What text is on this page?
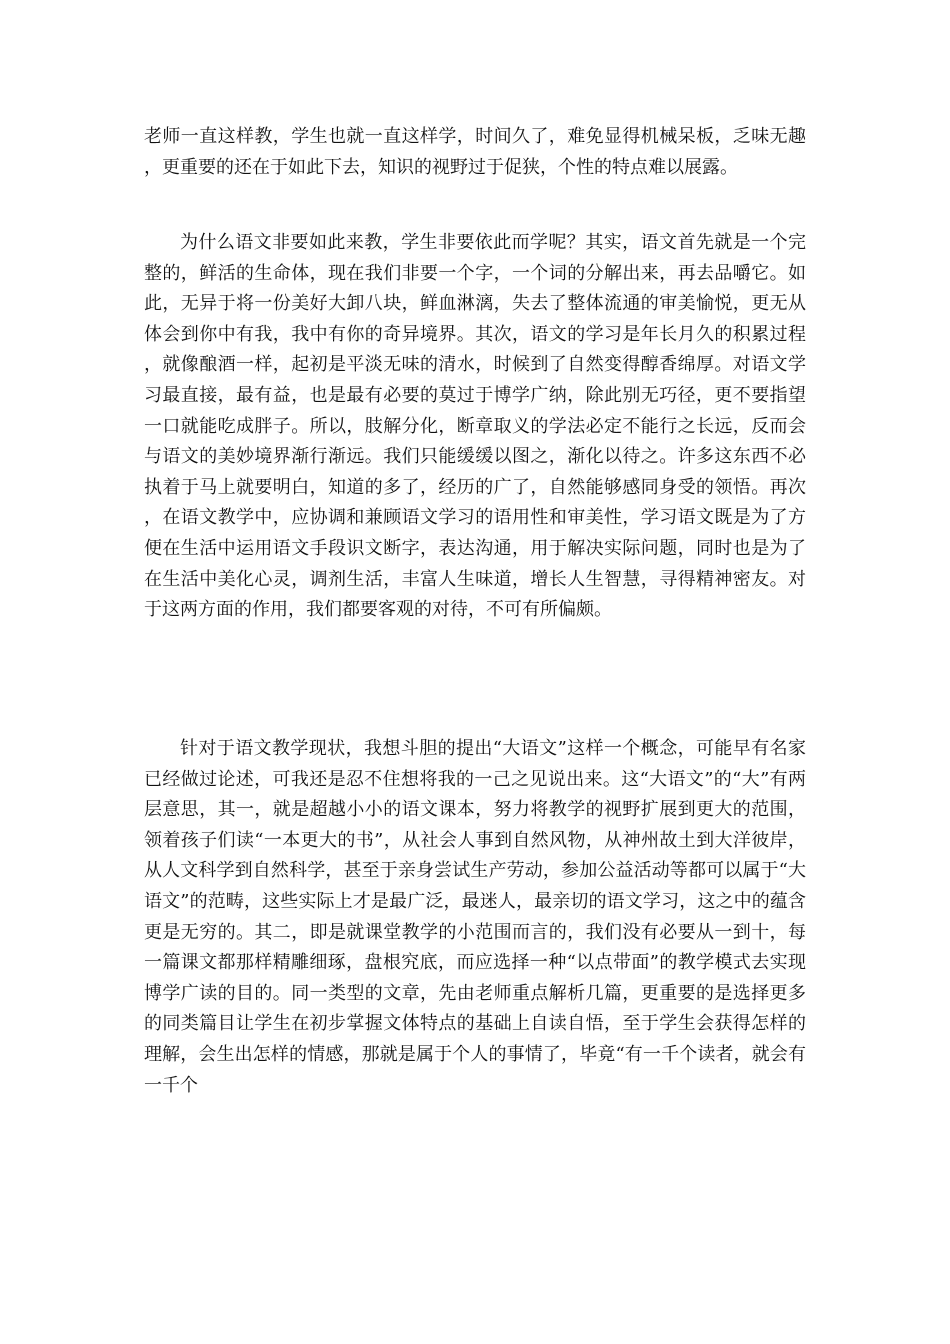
老师一直这样教，学生也就一直这样学，时间久了，难免显得机械呆板，乏味无趣，更重要的还在于如此下去，知识的视野过于促狭，个性的特点难以展露。

为什么语文非要如此来教，学生非要依此而学呢？其实，语文首先就是一个完整的，鲜活的生命体，现在我们非要一个字，一个词的分解出来，再去品嚼它。如此，无异于将一份美好大卸八块，鲜血淋漓，失去了整体流通的审美愉悦，更无从体会到你中有我，我中有你的奇异境界。其次，语文的学习是年长月久的积累过程，就像酿酒一样，起初是平淡无味的清水，时候到了自然变得醇香绵厚。对语文学习最直接，最有益，也是最有必要的莫过于博学广纳，除此别无巧径，更不要指望一口就能吃成胖子。所以，肢解分化，断章取义的学法必定不能行之长远，反而会与语文的美妙境界渐行渐远。我们只能缓缓以图之，渐化以待之。许多这东西不必执着于马上就要明白，知道的多了，经历的广了，自然能够感同身受的领悟。再次，在语文教学中，应协调和兼顾语文学习的语用性和审美性，学习语文既是为了方便在生活中运用语文手段识文断字，表达沟通，用于解决实际问题，同时也是为了在生活中美化心灵，调剂生活，丰富人生味道，增长人生智慧，寻得精神密友。对于这两方面的作用，我们都要客观的对待，不可有所偏颇。

针对于语文教学现状，我想斗胆的提出“大语文”这样一个概念，可能早有名家已经做过论述，可我还是忍不住想将我的一己之见说出来。这“大语文”的“大”有两层意思，其一，就是超越小小的语文课本，努力将教学的视野扩展到更大的范围，领着孩子们读“一本更大的书”，从社会人事到自然风物，从神州故土到大洋彼岸，从人文科学到自然科学，甚至于亲身尝试生产劳动，参加公益活动等都可以属于“大语文”的范畴，这些实际上才是最广泛，最迷人，最亲切的语文学习，这之中的蕴含更是无穷的。其二，即是就课堂教学的小范围而言的，我们没有必要从一到十，每一篇课文都那样精雕细琢，盘根究底，而应选择一种“以点带面”的教学模式去实现博学广读的目的。同一类型的文章，先由老师重点解析几篇，更重要的是选择更多的同类篇目让学生在初步掌握文体特点的基础上自读自悟，至于学生会获得怎样的理解，会生出怎样的情感，那就是属于个人的事情了，毕竟“有一千个读者，就会有一千个
